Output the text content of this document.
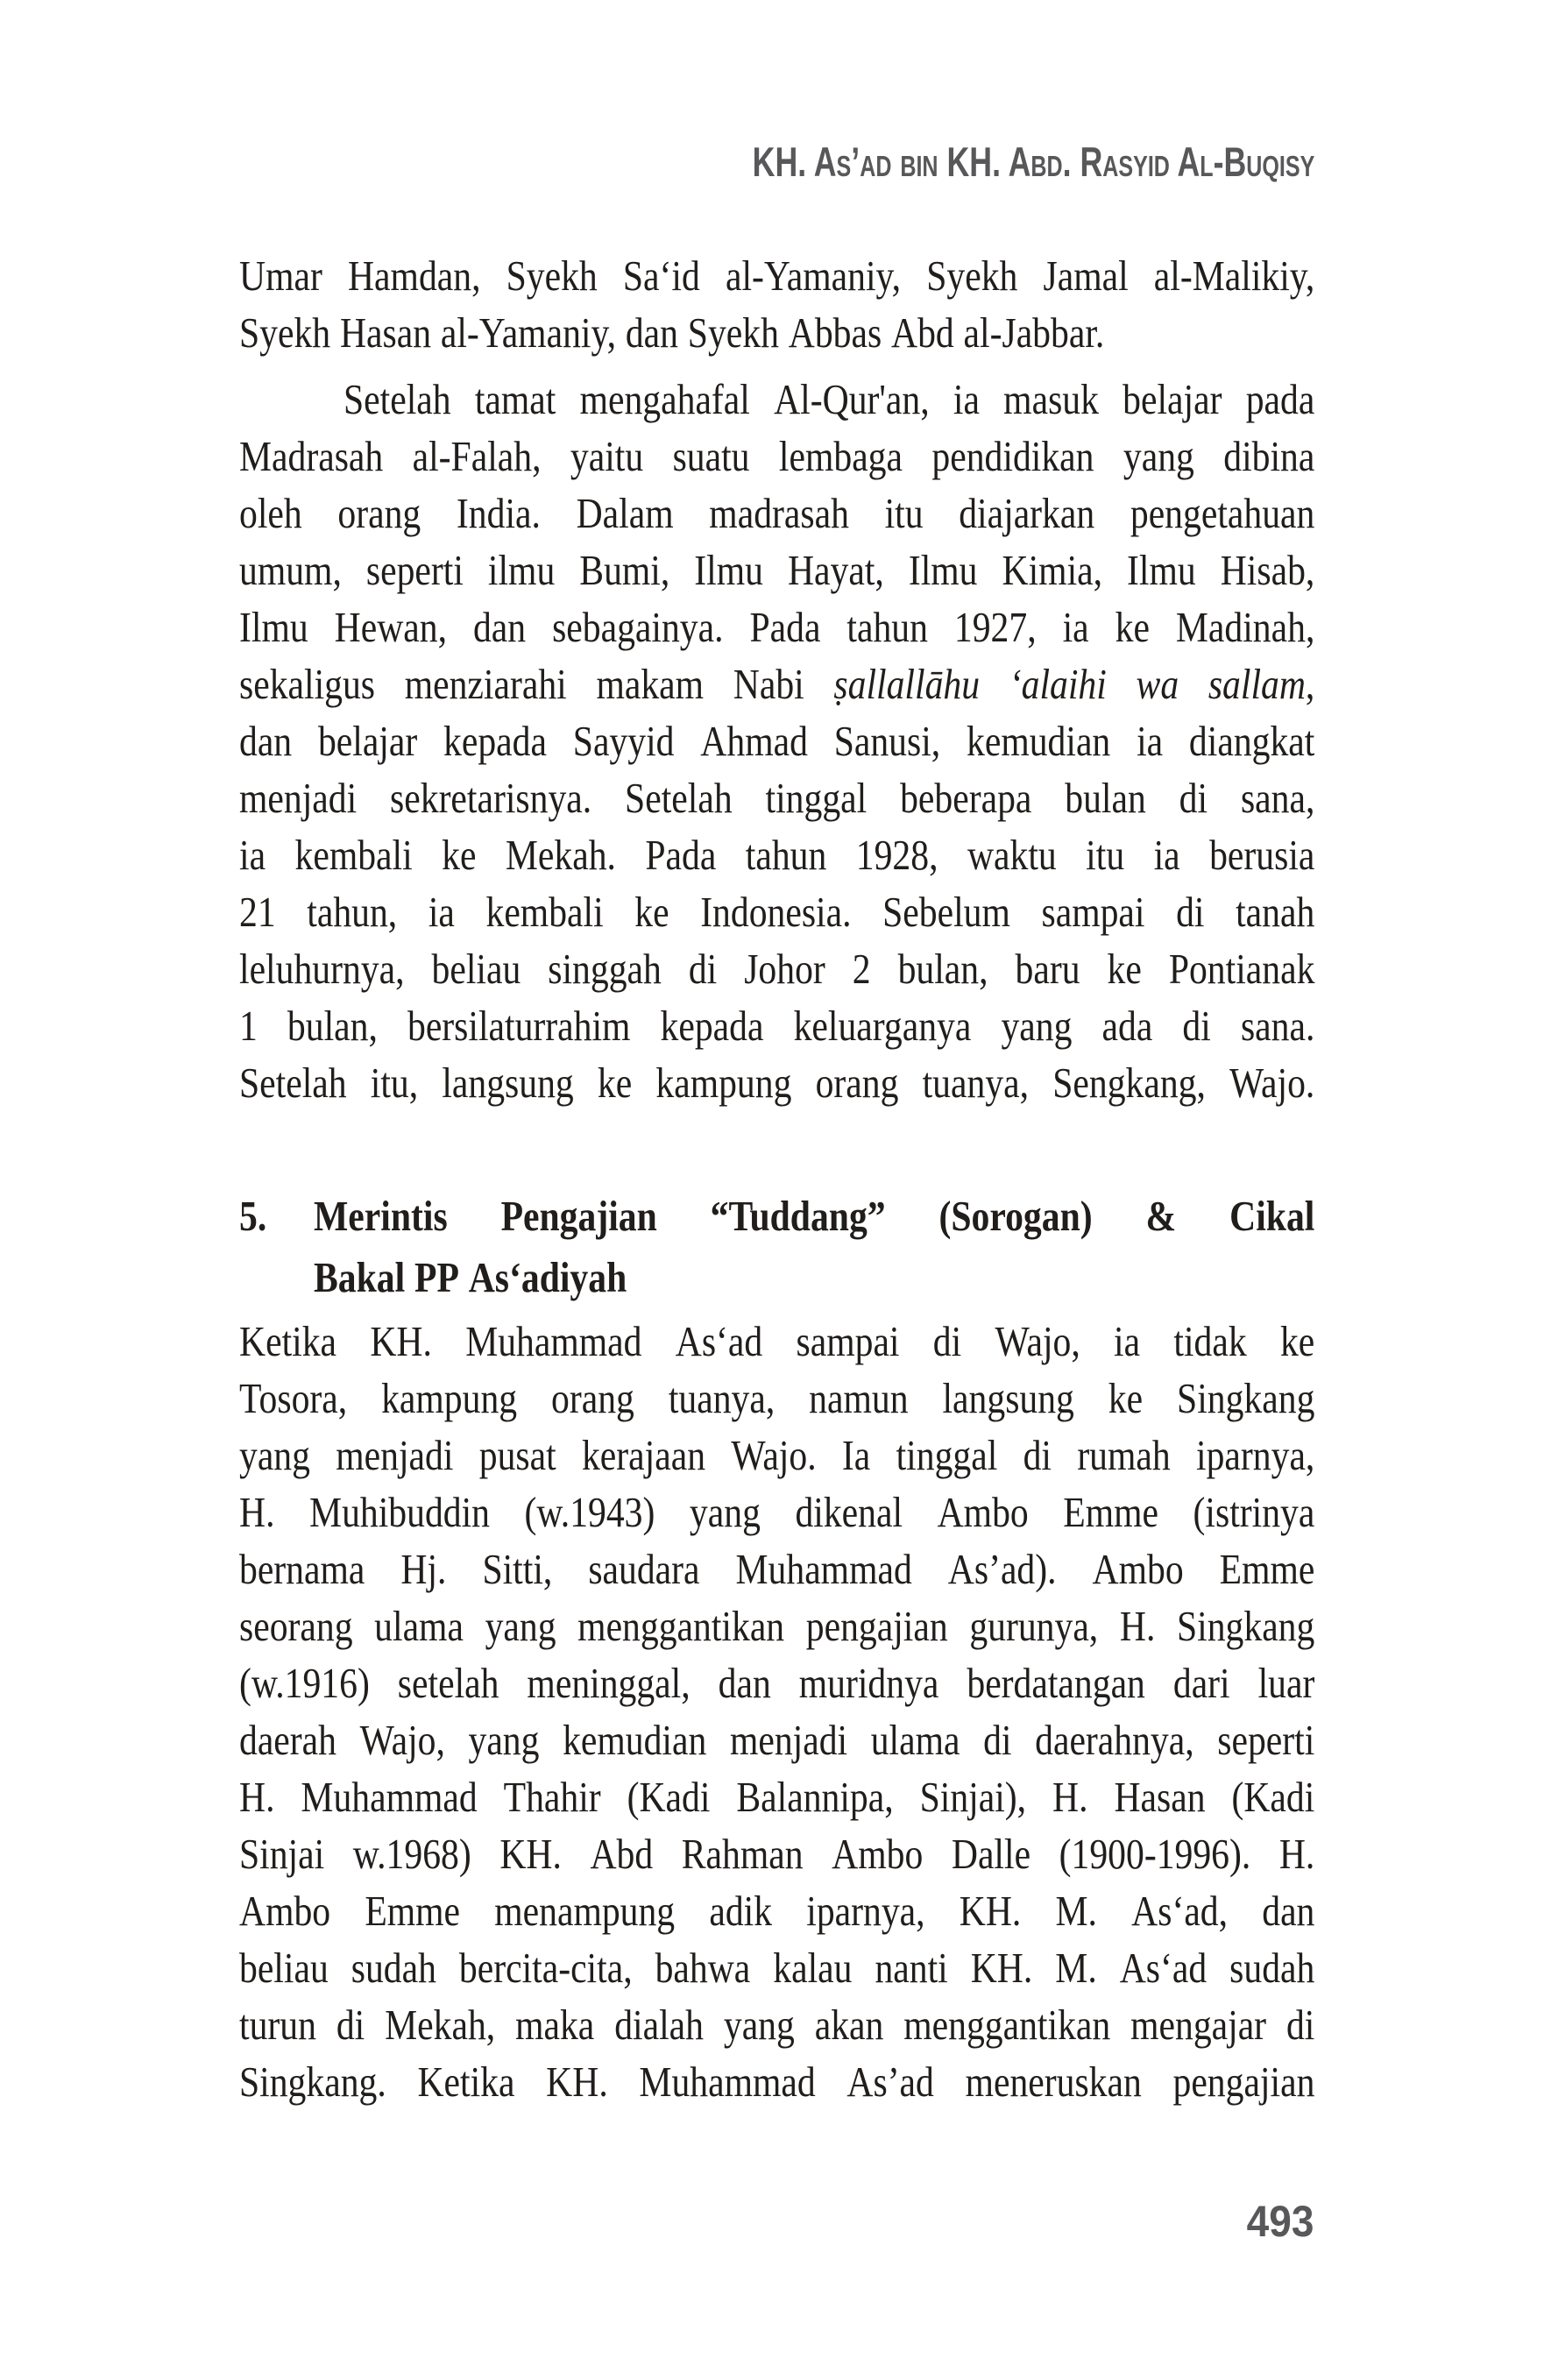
KH. As’ad bin KH. Abd. Rasyid Al-Buqisy
Umar Hamdan, Syekh Sa‘id al-Yamaniy, Syekh Jamal al-Malikiy,
Syekh Hasan al-Yamaniy, dan Syekh Abbas Abd al-Jabbar.
Setelah tamat mengahafal Al-Qur'an, ia masuk belajar pada
Madrasah al-Falah, yaitu suatu lembaga pendidikan yang dibina
oleh orang India. Dalam madrasah itu diajarkan pengetahuan
umum, seperti ilmu Bumi, Ilmu Hayat, Ilmu Kimia, Ilmu Hisab,
Ilmu Hewan, dan sebagainya. Pada tahun 1927, ia ke Madinah,
sekaligus menziarahi makam Nabi ṣallallāhu ‘alaihi wa sallam,
dan belajar kepada Sayyid Ahmad Sanusi, kemudian ia diangkat
menjadi sekretarisnya. Setelah tinggal beberapa bulan di sana,
ia kembali ke Mekah. Pada tahun 1928, waktu itu ia berusia
21 tahun, ia kembali ke Indonesia. Sebelum sampai di tanah
leluhurnya, beliau singgah di Johor 2 bulan, baru ke Pontianak
1 bulan, bersilaturrahim kepada keluarganya yang ada di sana.
Setelah itu, langsung ke kampung orang tuanya, Sengkang, Wajo.
5. Merintis Pengajian “Tuddang” (Sorogan) & Cikal
Bakal PP As‘adiyah
Ketika KH. Muhammad As‘ad sampai di Wajo, ia tidak ke
Tosora, kampung orang tuanya, namun langsung ke Singkang
yang menjadi pusat kerajaan Wajo. Ia tinggal di rumah iparnya,
H. Muhibuddin (w.1943) yang dikenal Ambo Emme (istrinya
bernama Hj. Sitti, saudara Muhammad As’ad). Ambo Emme
seorang ulama yang menggantikan pengajian gurunya, H. Singkang
(w.1916) setelah meninggal, dan muridnya berdatangan dari luar
daerah Wajo, yang kemudian menjadi ulama di daerahnya, seperti
H. Muhammad Thahir (Kadi Balannipa, Sinjai), H. Hasan (Kadi
Sinjai w.1968) KH. Abd Rahman Ambo Dalle (1900-1996). H.
Ambo Emme menampung adik iparnya, KH. M. As‘ad, dan
beliau sudah bercita-cita, bahwa kalau nanti KH. M. As‘ad sudah
turun di Mekah, maka dialah yang akan menggantikan mengajar di
Singkang. Ketika KH. Muhammad As’ad meneruskan pengajian
493
